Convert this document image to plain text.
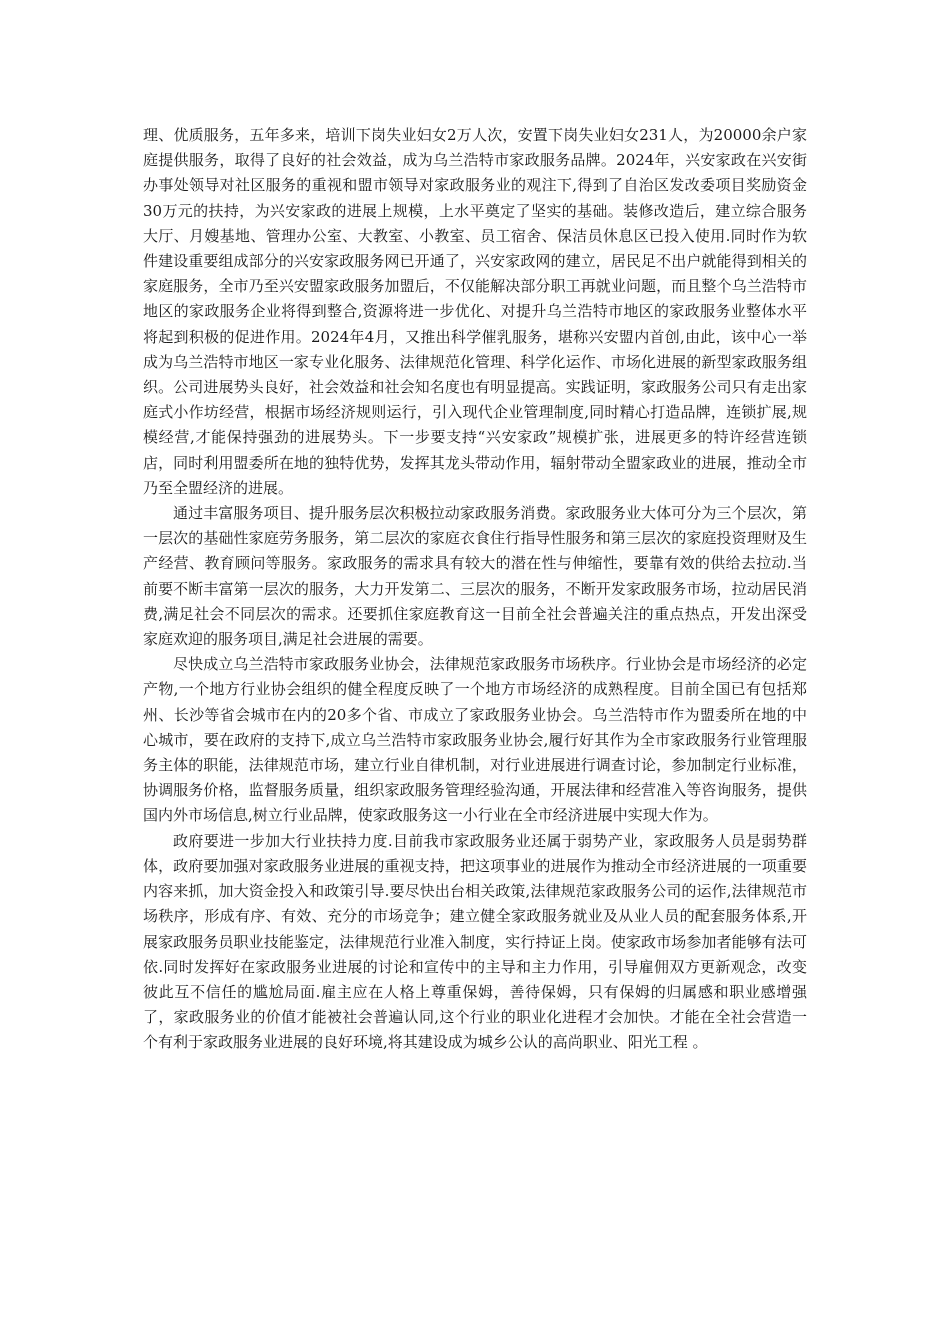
理、优质服务，五年多来，培训下岗失业妇女2万人次，安置下岗失业妇女231人，为20000余户家庭提供服务，取得了良好的社会效益，成为乌兰浩特市家政服务品牌。2024年，兴安家政在兴安街办事处领导对社区服务的重视和盟市领导对家政服务业的观注下,得到了自治区发改委项目奖励资金30万元的扶持，为兴安家政的进展上规模，上水平奠定了坚实的基础。装修改造后，建立综合服务大厅、月嫂基地、管理办公室、大教室、小教室、员工宿舍、保洁员休息区已投入使用.同时作为软件建设重要组成部分的兴安家政服务网已开通了，兴安家政网的建立，居民足不出户就能得到相关的家庭服务，全市乃至兴安盟家政服务加盟后，不仅能解决部分职工再就业问题，而且整个乌兰浩特市地区的家政服务企业将得到整合,资源将进一步优化、对提升乌兰浩特市地区的家政服务业整体水平将起到积极的促进作用。2024年4月，又推出科学催乳服务，堪称兴安盟内首创,由此，该中心一举成为乌兰浩特市地区一家专业化服务、法律规范化管理、科学化运作、市场化进展的新型家政服务组织。公司进展势头良好，社会效益和社会知名度也有明显提高。实践证明，家政服务公司只有走出家庭式小作坊经营，根据市场经济规则运行，引入现代企业管理制度,同时精心打造品牌，连锁扩展,规模经营,才能保持强劲的进展势头。下一步要支持“兴安家政”规模扩张，进展更多的特许经营连锁店，同时利用盟委所在地的独特优势，发挥其龙头带动作用，辐射带动全盟家政业的进展，推动全市乃至全盟经济的进展。

通过丰富服务项目、提升服务层次积极拉动家政服务消费。家政服务业大体可分为三个层次，第一层次的基础性家庭劳务服务，第二层次的家庭衣食住行指导性服务和第三层次的家庭投资理财及生产经营、教育顾问等服务。家政服务的需求具有较大的潜在性与伸缩性，要靠有效的供给去拉动.当前要不断丰富第一层次的服务，大力开发第二、三层次的服务，不断开发家政服务市场，拉动居民消费,满足社会不同层次的需求。还要抓住家庭教育这一目前全社会普遍关注的重点热点，开发出深受家庭欢迎的服务项目,满足社会进展的需要。

尽快成立乌兰浩特市家政服务业协会，法律规范家政服务市场秩序。行业协会是市场经济的必定产物,一个地方行业协会组织的健全程度反映了一个地方市场经济的成熟程度。目前全国已有包括郑州、长沙等省会城市在内的20多个省、市成立了家政服务业协会。乌兰浩特市作为盟委所在地的中心城市，要在政府的支持下,成立乌兰浩特市家政服务业协会,履行好其作为全市家政服务行业管理服务主体的职能，法律规范市场，建立行业自律机制，对行业进展进行调查讨论，参加制定行业标准，协调服务价格，监督服务质量，组织家政服务管理经验沟通，开展法律和经营准入等咨询服务，提供国内外市场信息,树立行业品牌，使家政服务这一小行业在全市经济进展中实现大作为。

政府要进一步加大行业扶持力度.目前我市家政服务业还属于弱势产业，家政服务人员是弱势群体，政府要加强对家政服务业进展的重视支持，把这项事业的进展作为推动全市经济进展的一项重要内容来抓，加大资金投入和政策引导.要尽快出台相关政策,法律规范家政服务公司的运作,法律规范市场秩序，形成有序、有效、充分的市场竞争；建立健全家政服务就业及从业人员的配套服务体系,开展家政服务员职业技能鉴定，法律规范行业准入制度，实行持证上岗。使家政市场参加者能够有法可依.同时发挥好在家政服务业进展的讨论和宣传中的主导和主力作用，引导雇佣双方更新观念，改变彼此互不信任的尴尬局面.雇主应在人格上尊重保姆，善待保姆，只有保姆的归属感和职业感增强了，家政服务业的价值才能被社会普遍认同,这个行业的职业化进程才会加快。才能在全社会营造一个有利于家政服务业进展的良好环境,将其建设成为城乡公认的高尚职业、阳光工程 。
